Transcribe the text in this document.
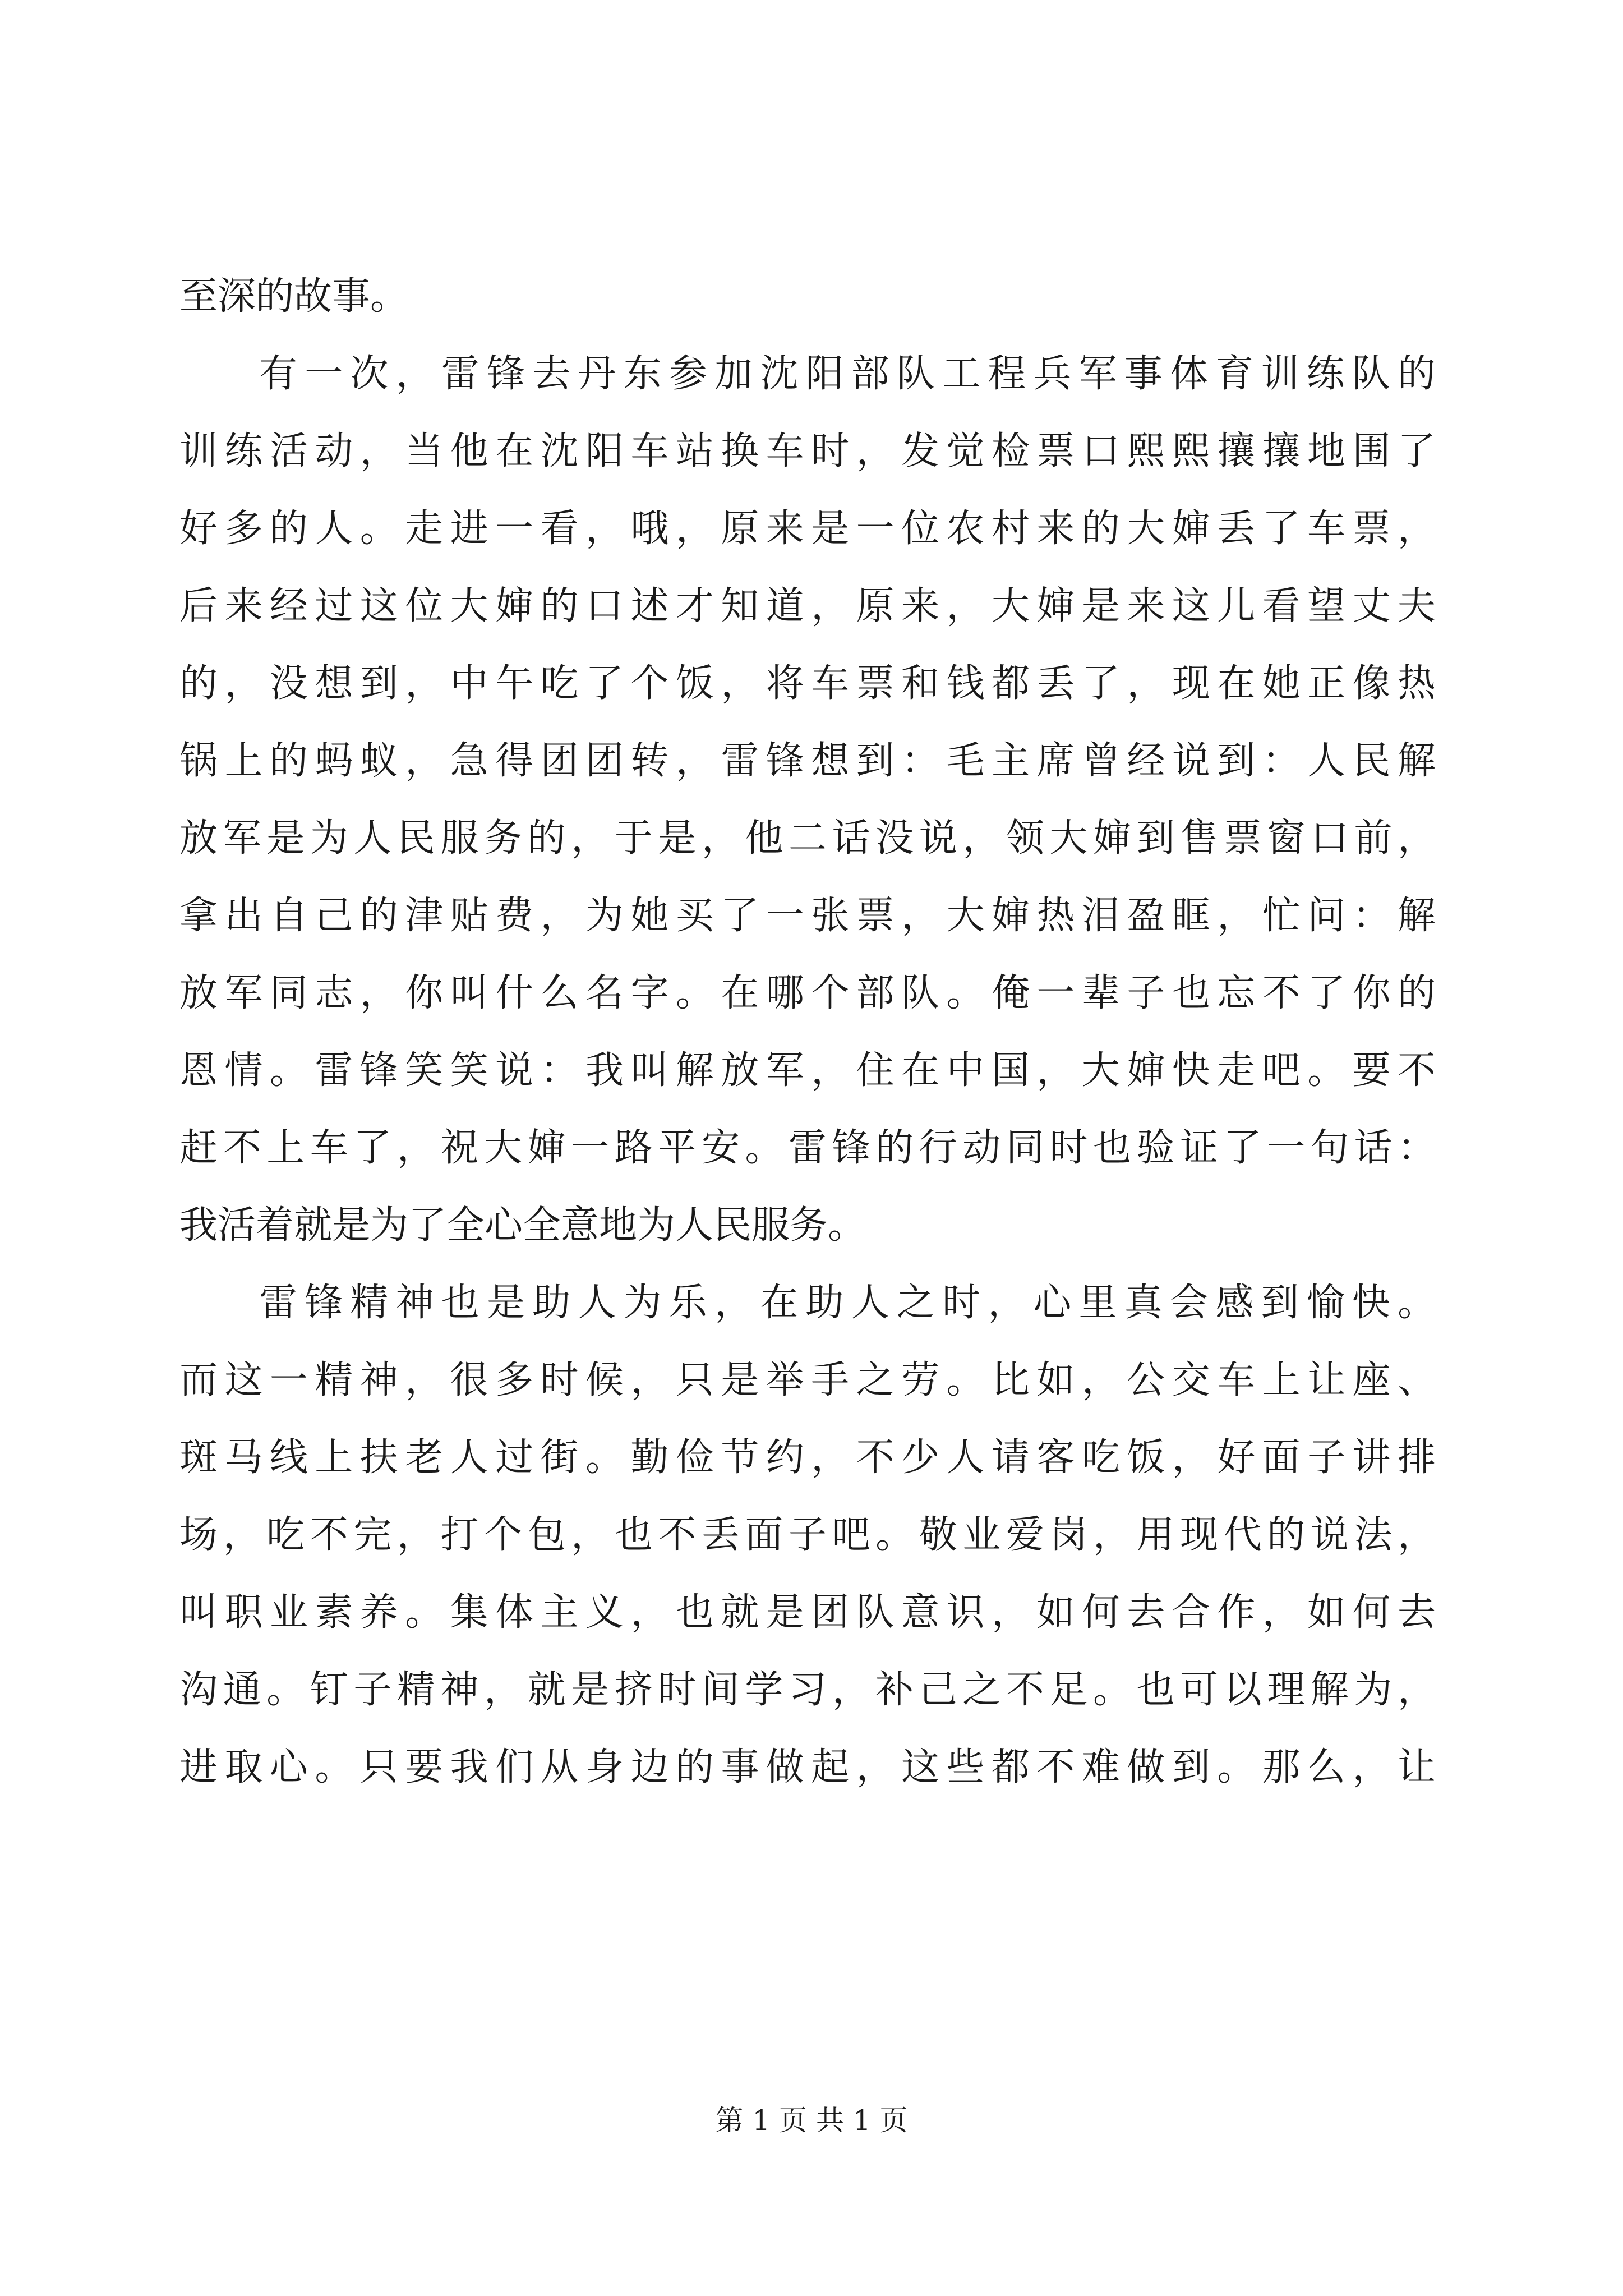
至深的故事。
有一次，雷锋去丹东参加沈阳部队工程兵军事体育训练队的
训练活动，当他在沈阳车站换车时，发觉检票口熙熙攘攘地围了
好多的人。走进一看，哦，原来是一位农村来的大婶丢了车票，
后来经过这位大婶的口述才知道，原来，大婶是来这儿看望丈夫
的，没想到，中午吃了个饭，将车票和钱都丢了，现在她正像热
锅上的蚂蚁，急得团团转，雷锋想到：毛主席曾经说到：人民解
放军是为人民服务的，于是，他二话没说，领大婶到售票窗口前，
拿出自己的津贴费，为她买了一张票，大婶热泪盈眶，忙问：解
放军同志，你叫什么名字。在哪个部队。俺一辈子也忘不了你的
恩情。雷锋笑笑说：我叫解放军，住在中国，大婶快走吧。要不
赶不上车了，祝大婶一路平安。雷锋的行动同时也验证了一句话：
我活着就是为了全心全意地为人民服务。
雷锋精神也是助人为乐，在助人之时，心里真会感到愉快。
而这一精神，很多时候，只是举手之劳。比如，公交车上让座、
斑马线上扶老人过街。勤俭节约，不少人请客吃饭，好面子讲排
场，吃不完，打个包，也不丢面子吧。敬业爱岗，用现代的说法，
叫职业素养。集体主义，也就是团队意识，如何去合作，如何去
沟通。钉子精神，就是挤时间学习，补己之不足。也可以理解为，
进取心。只要我们从身边的事做起，这些都不难做到。那么，让
第 1 页 共 1 页
